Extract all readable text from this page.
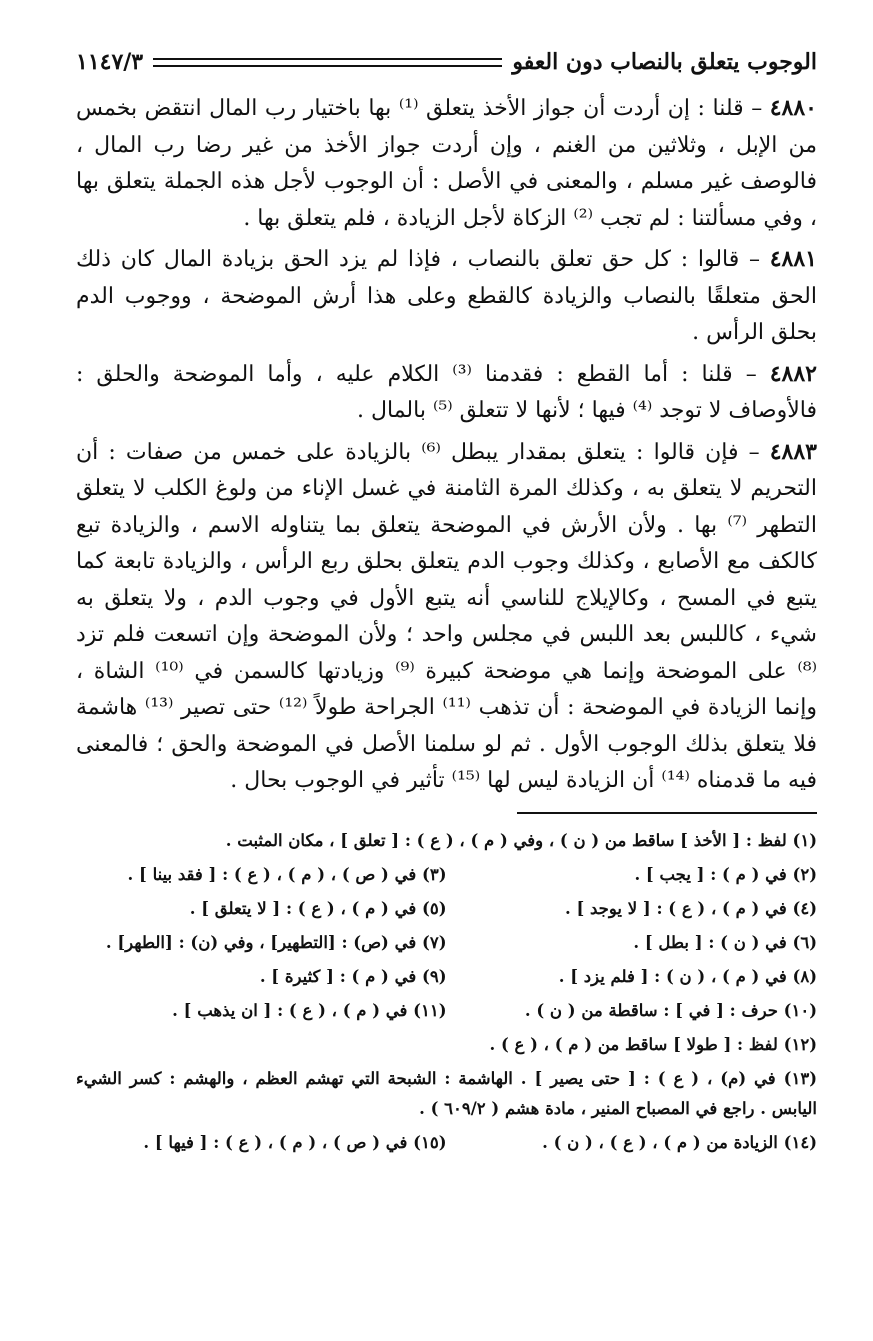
الوجوب يتعلق بالنصاب دون العفو
١١٤٧/٣

٤٨٨٠ – قلنا : إن أردت أن جواز الأخذ يتعلق ⁽¹⁾ بها باختيار رب المال انتقض بخمس من الإبل ، وثلاثين من الغنم ، وإن أردت جواز الأخذ من غير رضا رب المال ، فالوصف غير مسلم ، والمعنى في الأصل : أن الوجوب لأجل هذه الجملة يتعلق بها ، وفي مسألتنا : لم تجب ⁽²⁾ الزكاة لأجل الزيادة ، فلم يتعلق بها .

٤٨٨١ – قالوا : كل حق تعلق بالنصاب ، فإذا لم يزد الحق بزيادة المال كان ذلك الحق متعلقًا بالنصاب والزيادة كالقطع وعلى هذا أرش الموضحة ، ووجوب الدم بحلق الرأس .

٤٨٨٢ – قلنا : أما القطع : فقدمنا ⁽³⁾ الكلام عليه ، وأما الموضحة والحلق : فالأوصاف لا توجد ⁽⁴⁾ فيها ؛ لأنها لا تتعلق ⁽⁵⁾ بالمال .

٤٨٨٣ – فإن قالوا : يتعلق بمقدار يبطل ⁽⁶⁾ بالزيادة على خمس من صفات : أن التحريم لا يتعلق به ، وكذلك المرة الثامنة في غسل الإناء من ولوغ الكلب لا يتعلق التطهر ⁽⁷⁾ بها . ولأن الأرش في الموضحة يتعلق بما يتناوله الاسم ، والزيادة تبع كالكف مع الأصابع ، وكذلك وجوب الدم يتعلق بحلق ربع الرأس ، والزيادة تابعة كما يتبع في المسح ، وكالإيلاج للناسي أنه يتبع الأول في وجوب الدم ، ولا يتعلق به شيء ، كاللبس بعد اللبس في مجلس واحد ؛ ولأن الموضحة وإن اتسعت فلم تزد ⁽⁸⁾ على الموضحة وإنما هي موضحة كبيرة ⁽⁹⁾ وزيادتها كالسمن في ⁽¹⁰⁾ الشاة ، وإنما الزيادة في الموضحة : أن تذهب ⁽¹¹⁾ الجراحة طولاً ⁽¹²⁾ حتى تصير ⁽¹³⁾ هاشمة فلا يتعلق بذلك الوجوب الأول . ثم لو سلمنا الأصل في الموضحة والحق ؛ فالمعنى فيه ما قدمناه ⁽¹⁴⁾ أن الزيادة ليس لها ⁽¹⁵⁾ تأثير في الوجوب بحال .

(١) لفظ : [ الأخذ ] ساقط من ( ن ) ، وفي ( م ) ، ( ع ) : [ تعلق ] ، مكان المثبت .
(٢) في ( م ) : [ يجب ] .
(٣) في ( ص ) ، ( م ) ، ( ع ) : [ فقد بينا ] .
(٤) في ( م ) ، ( ع ) : [ لا يوجد ] .
(٥) في ( م ) ، ( ع ) : [ لا يتعلق ] .
(٦) في ( ن ) : [ بطل ] .
(٧) في (ص) : [التطهير] ، وفي (ن) : [الطهر] .
(٨) في ( م ) ، ( ن ) : [ فلم يزد ] .
(٩) في ( م ) : [ كثيرة ] .
(١٠) حرف : [ في ] : ساقطة من ( ن ) .
(١١) في ( م ) ، ( ع ) : [ ان يذهب ] .
(١٢) لفظ : [ طولا ] ساقط من ( م ) ، ( ع ) .
(١٣) في (م) ، ( ع ) : [ حتى يصير ] . الهاشمة : الشبحة التي تهشم العظم ، والهشم : كسر الشيء اليابس . راجع في المصباح المنير ، مادة هشم ( ٦٠٩/٢ ) .
(١٤) الزيادة من ( م ) ، ( ع ) ، ( ن ) .
(١٥) في ( ص ) ، ( م ) ، ( ع ) : [ فيها ] .
